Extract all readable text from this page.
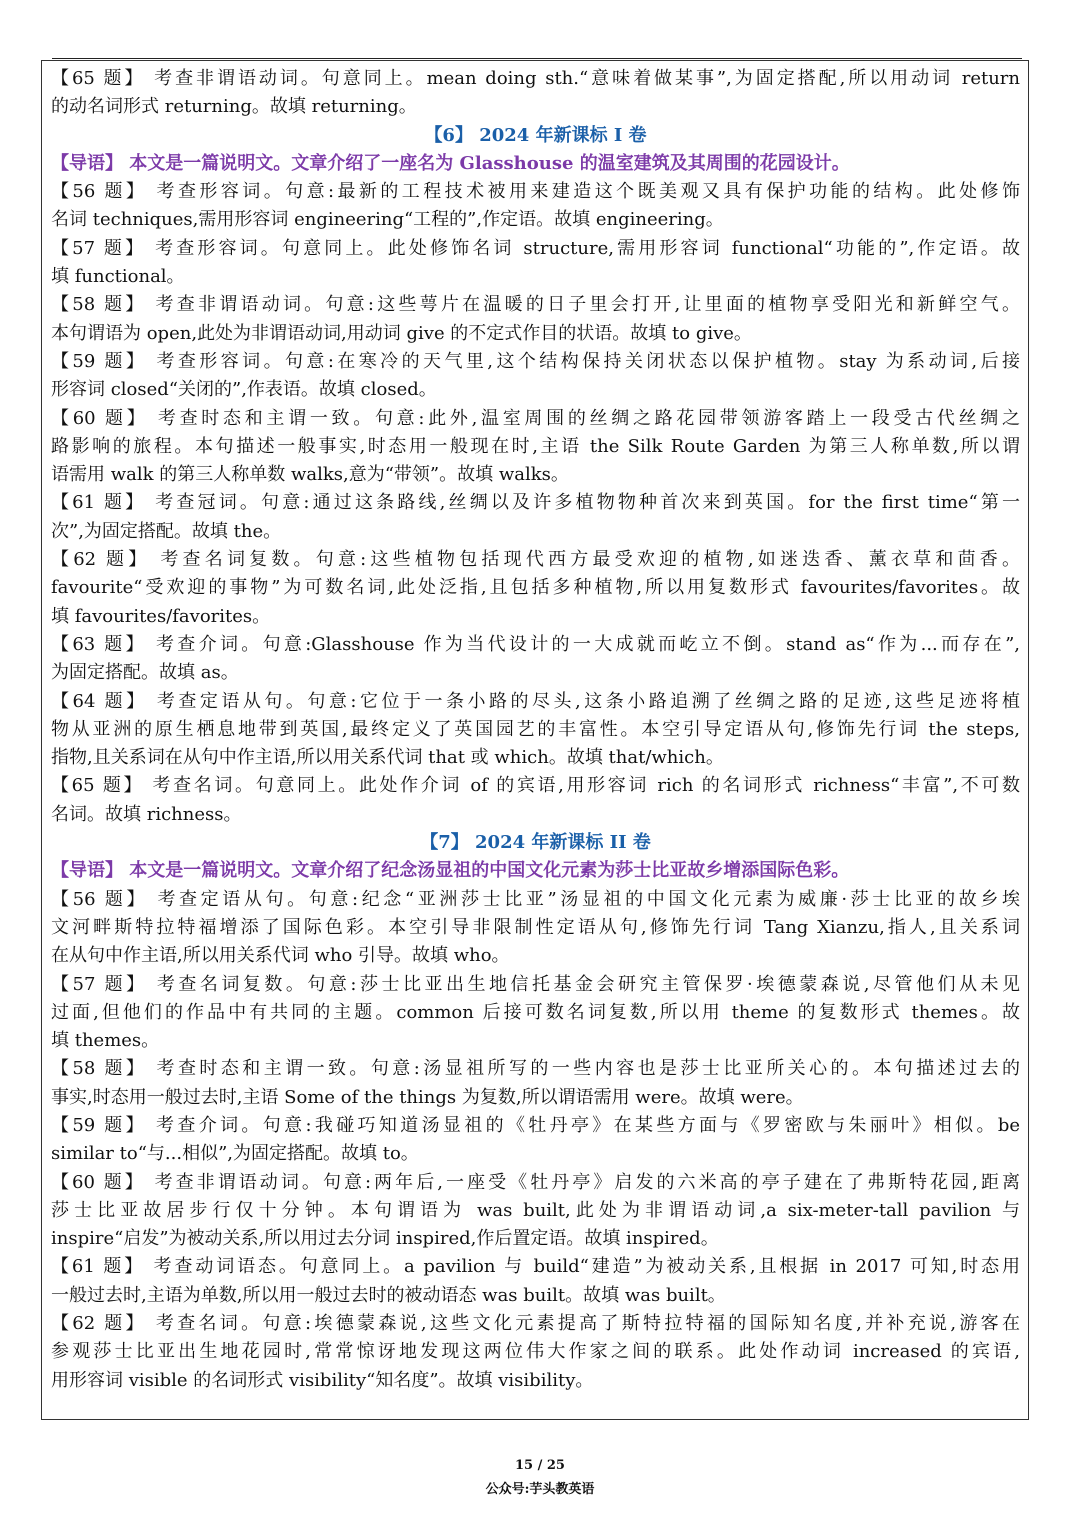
【65 题】 考查非谓语动词。句意同上。mean doing sth.“意味着做某事”,为固定搭配,所以用动词 return
的动名词形式 returning。故填 returning。
【6】 2024 年新课标 I 卷
【导语】 本文是一篇说明文。文章介绍了一座名为 Glasshouse 的温室建筑及其周围的花园设计。
【56 题】 考查形容词。句意:最新的工程技术被用来建造这个既美观又具有保护功能的结构。此处修饰
名词 techniques,需用形容词 engineering“工程的”,作定语。故填 engineering。
【57 题】 考查形容词。句意同上。此处修饰名词 structure,需用形容词 functional“功能的”,作定语。故
填 functional。
【58 题】 考查非谓语动词。句意:这些萼片在温暖的日子里会打开,让里面的植物享受阳光和新鲜空气。
本句谓语为 open,此处为非谓语动词,用动词 give 的不定式作目的状语。故填 to give。
【59 题】 考查形容词。句意:在寒冷的天气里,这个结构保持关闭状态以保护植物。stay 为系动词,后接
形容词 closed“关闭的”,作表语。故填 closed。
【60 题】 考查时态和主谓一致。句意:此外,温室周围的丝绸之路花园带领游客踏上一段受古代丝绸之
路影响的旅程。本句描述一般事实,时态用一般现在时,主语 the Silk Route Garden 为第三人称单数,所以谓
语需用 walk 的第三人称单数 walks,意为“带领”。故填 walks。
【61 题】 考查冠词。句意:通过这条路线,丝绸以及许多植物物种首次来到英国。for the first time“第一
次”,为固定搭配。故填 the。
【62 题】 考查名词复数。句意:这些植物包括现代西方最受欢迎的植物,如迷迭香、薰衣草和茴香。
favourite“受欢迎的事物”为可数名词,此处泛指,且包括多种植物,所以用复数形式 favourites/favorites。故
填 favourites/favorites。
【63 题】 考查介词。句意:Glasshouse 作为当代设计的一大成就而屹立不倒。stand as“作为...而存在”,
为固定搭配。故填 as。
【64 题】 考查定语从句。句意:它位于一条小路的尽头,这条小路追溯了丝绸之路的足迹,这些足迹将植
物从亚洲的原生栖息地带到英国,最终定义了英国园艺的丰富性。本空引导定语从句,修饰先行词 the steps,
指物,且关系词在从句中作主语,所以用关系代词 that 或 which。故填 that/which。
【65 题】 考查名词。句意同上。此处作介词 of 的宾语,用形容词 rich 的名词形式 richness“丰富”,不可数
名词。故填 richness。
【7】 2024 年新课标 II 卷
【导语】 本文是一篇说明文。文章介绍了纪念汤显祖的中国文化元素为莎士比亚故乡增添国际色彩。
【56 题】 考查定语从句。句意:纪念“亚洲莎士比亚”汤显祖的中国文化元素为威廉·莎士比亚的故乡埃
文河畔斯特拉特福增添了国际色彩。本空引导非限制性定语从句,修饰先行词 Tang Xianzu,指人,且关系词
在从句中作主语,所以用关系代词 who 引导。故填 who。
【57 题】 考查名词复数。句意:莎士比亚出生地信托基金会研究主管保罗·埃德蒙森说,尽管他们从未见
过面,但他们的作品中有共同的主题。common 后接可数名词复数,所以用 theme 的复数形式 themes。故
填 themes。
【58 题】 考查时态和主谓一致。句意:汤显祖所写的一些内容也是莎士比亚所关心的。本句描述过去的
事实,时态用一般过去时,主语 Some of the things 为复数,所以谓语需用 were。故填 were。
【59 题】 考查介词。句意:我碰巧知道汤显祖的《牡丹亭》在某些方面与《罗密欧与朱丽叶》相似。be
similar to“与...相似”,为固定搭配。故填 to。
【60 题】 考查非谓语动词。句意:两年后,一座受《牡丹亭》启发的六米高的亭子建在了弗斯特花园,距离
莎士比亚故居步行仅十分钟。本句谓语为 was built,此处为非谓语动词,a six-meter-tall pavilion 与
inspire“启发”为被动关系,所以用过去分词 inspired,作后置定语。故填 inspired。
【61 题】 考查动词语态。句意同上。a pavilion 与 build“建造”为被动关系,且根据 in 2017 可知,时态用
一般过去时,主语为单数,所以用一般过去时的被动语态 was built。故填 was built。
【62 题】 考查名词。句意:埃德蒙森说,这些文化元素提高了斯特拉特福的国际知名度,并补充说,游客在
参观莎士比亚出生地花园时,常常惊讶地发现这两位伟大作家之间的联系。此处作动词 increased 的宾语,
用形容词 visible 的名词形式 visibility“知名度”。故填 visibility。
15 / 25
公众号:芋头教英语
